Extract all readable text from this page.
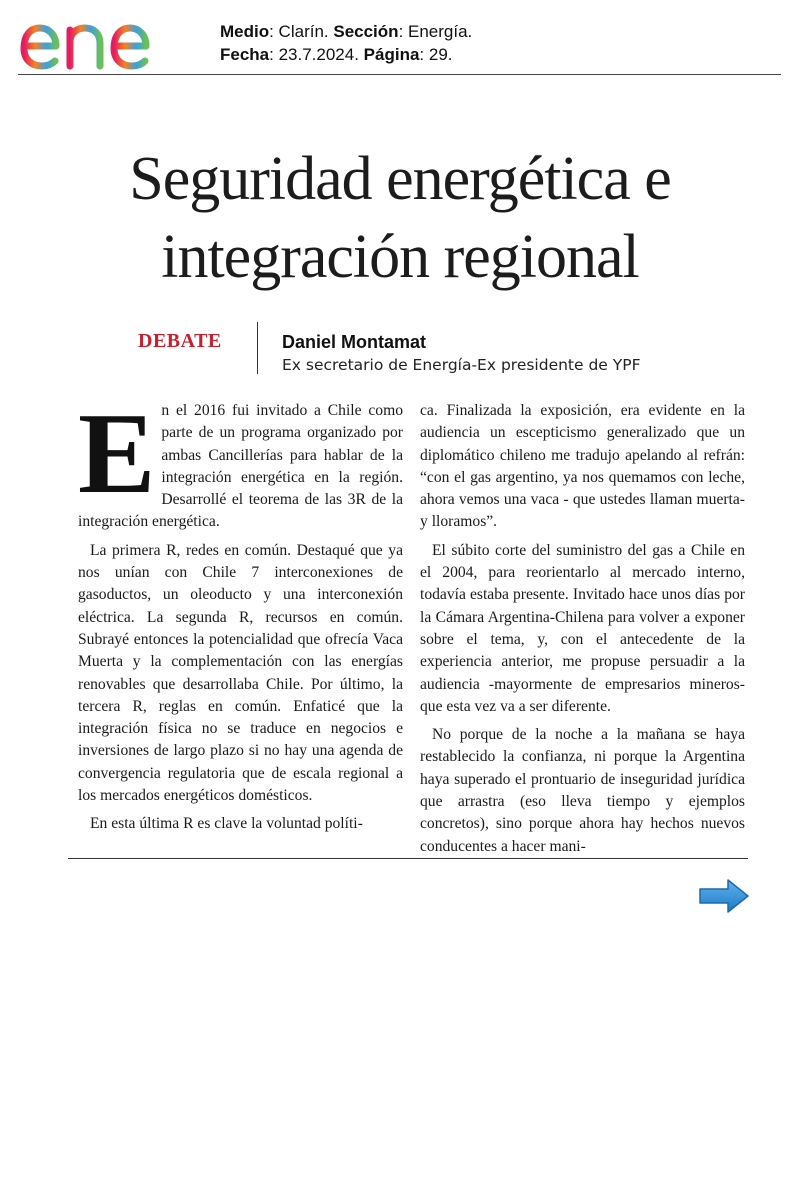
Medio: Clarín. Sección: Energía.
Fecha: 23.7.2024. Página: 29.
Seguridad energética e integración regional
DEBATE	Daniel Montamat
Ex secretario de Energía-Ex presidente de YPF

En el 2016 fui invitado a Chile como parte de un programa organizado por ambas Cancillerías para hablar de la integración energética en la región. Desarrollé el teorema de las 3R de la integración energética.

La primera R, redes en común. Destaqué que ya nos unían con Chile 7 interconexiones de gasoductos, un oleoducto y una interconexión eléctrica. La segunda R, recursos en común. Subrayé entonces la potencialidad que ofrecía Vaca Muerta y la complementación con las energías renovables que desarrollaba Chile. Por último, la tercera R, reglas en común. Enfaticé que la integración física no se traduce en negocios e inversiones de largo plazo si no hay una agenda de convergencia regulatoria que de escala regional a los mercados energéticos domésticos.

En esta última R es clave la voluntad políti-

ca. Finalizada la exposición, era evidente en la audiencia un escepticismo generalizado que un diplomático chileno me tradujo apelando al refrán: “con el gas argentino, ya nos quemamos con leche, ahora vemos una vaca - que ustedes llaman muerta- y lloramos”.

El súbito corte del suministro del gas a Chile en el 2004, para reorientarlo al mercado interno, todavía estaba presente. Invitado hace unos días por la Cámara Argentina-Chilena para volver a exponer sobre el tema, y, con el antecedente de la experiencia anterior, me propuse persuadir a la audiencia -mayormente de empresarios mineros- que esta vez va a ser diferente.

No porque de la noche a la mañana se haya restablecido la confianza, ni porque la Argentina haya superado el prontuario de inseguridad jurídica que arrastra (eso lleva tiempo y ejemplos concretos), sino porque ahora hay hechos nuevos conducentes a hacer mani-
